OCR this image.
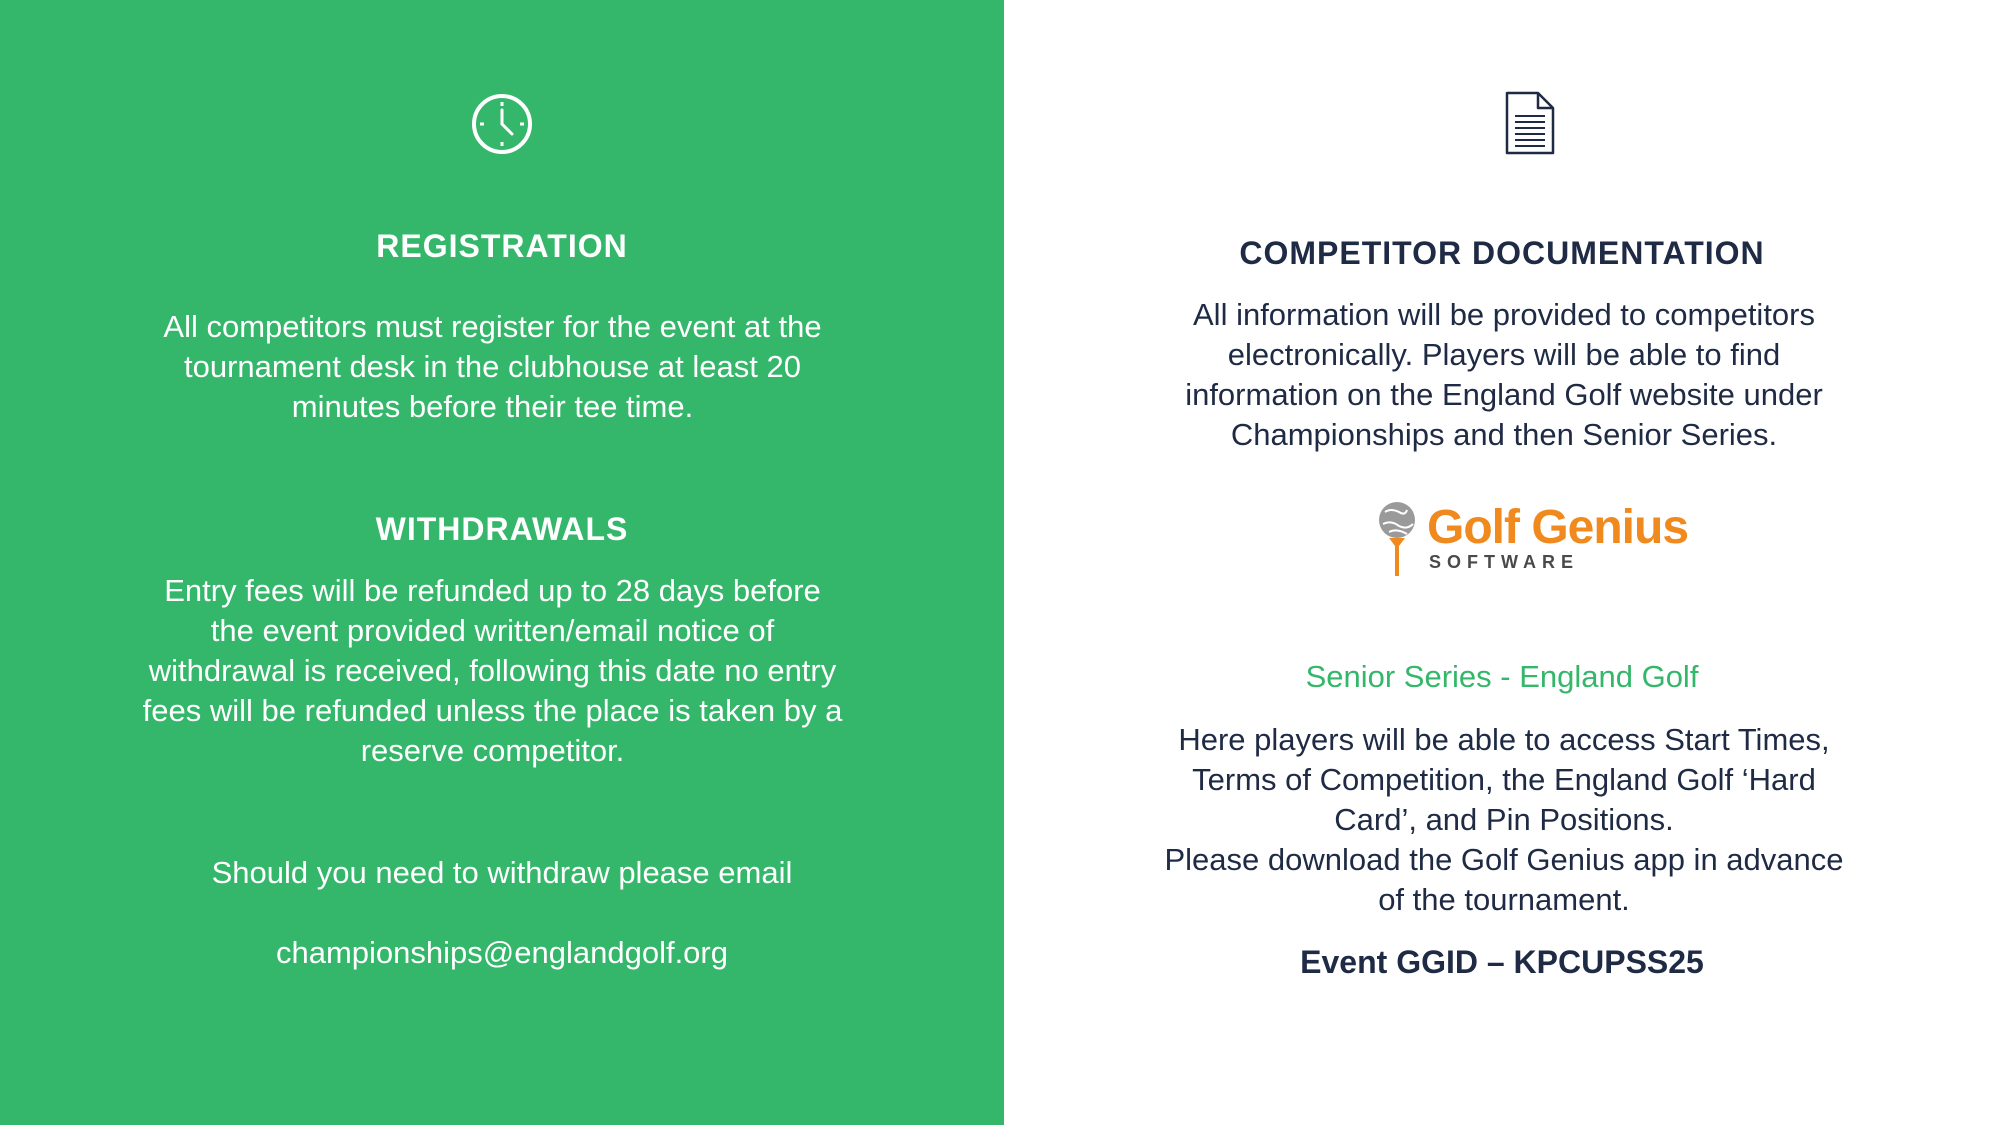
REGISTRATION
All competitors must register for the event at the
tournament desk in the clubhouse at least 20
minutes before their tee time.
WITHDRAWALS
Entry fees will be refunded up to 28 days before
the event provided written/email notice of
withdrawal is received, following this date no entry
fees will be refunded unless the place is taken by a
reserve competitor.
Should you need to withdraw please email
championships@englandgolf.org
COMPETITOR DOCUMENTATION
All information will be provided to competitors
electronically. Players will be able to find
information on the England Golf website under
Championships and then Senior Series.
Golf Genius
SOFTWARE
Senior Series - England Golf
Here players will be able to access Start Times,
Terms of Competition, the England Golf ‘Hard
Card’, and Pin Positions.
Please download the Golf Genius app in advance
of the tournament.
Event GGID – KPCUPSS25
